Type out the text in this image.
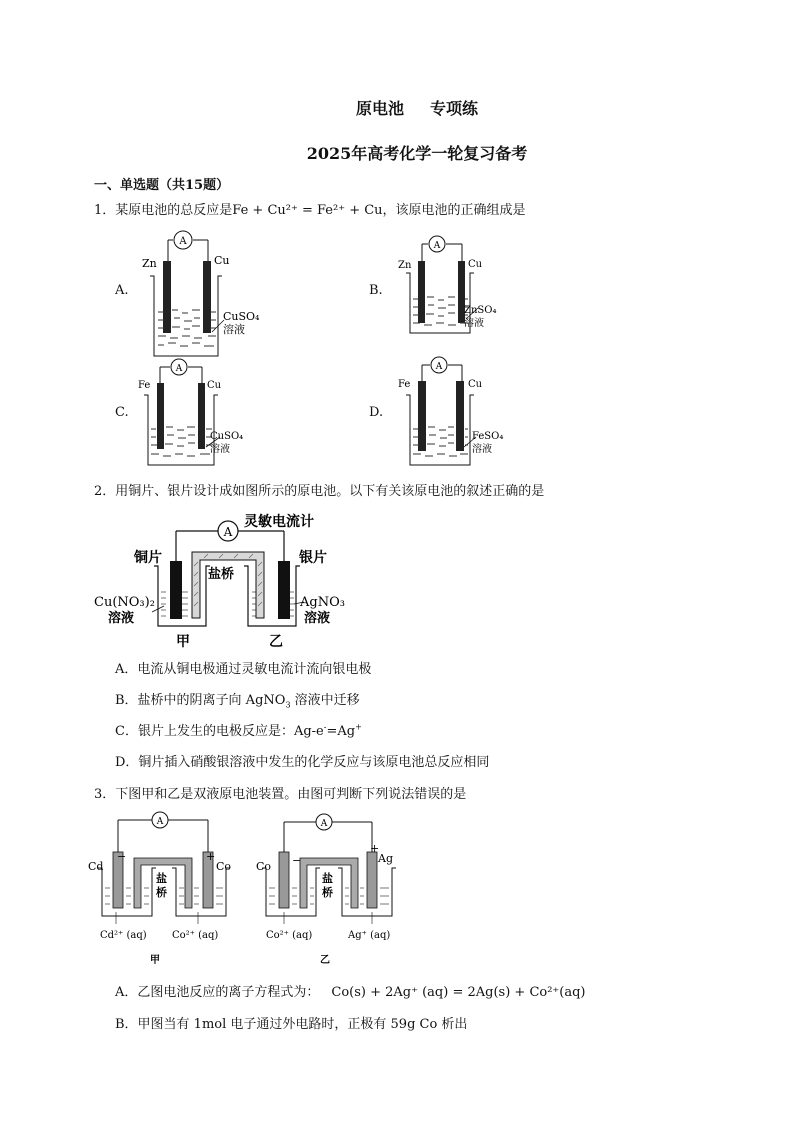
原电池 专项练
2025年高考化学一轮复习备考
一、单选题（共15题）
1．某原电池的总反应是Fe + Cu²⁺ = Fe²⁺ + Cu，该原电池的正确组成是
A.
A
Zn	Cu
CuSO₄
溶液
B.
A
Zn	Cu
ZnSO₄
溶液
C.
A
Fe	Cu
CuSO₄
溶液
D.
A
Fe	Cu
FeSO₄
溶液
2．用铜片、银片设计成如图所示的原电池。以下有关该原电池的叙述正确的是
A
灵敏电流计
盐桥
铜片	银片
Cu(NO₃)₂
溶液
AgNO₃
溶液
甲	乙
A．电流从铜电极通过灵敏电流计流向银电极
B．盐桥中的阴离子向 AgNO$_3$ 溶液中迁移
C．银片上发生的电极反应是：Ag-e-=Ag+
D．铜片插入硝酸银溶液中发生的化学反应与该原电池总反应相同
3．下图甲和乙是双液原电池装置。由图可判断下列说法错误的是
A
Cd	Co
−	+
盐
桥
Cd²⁺ (aq)	Co²⁺ (aq)
甲
A
Co
Ag
−
+
盐
桥
Co²⁺ (aq)	Ag⁺ (aq)
乙
A．乙图电池反应的离子方程式为： Co(s) + 2Ag⁺ (aq) = 2Ag(s) + Co²⁺(aq)
B．甲图当有 1mol 电子通过外电路时，正极有 59g Co 析出
